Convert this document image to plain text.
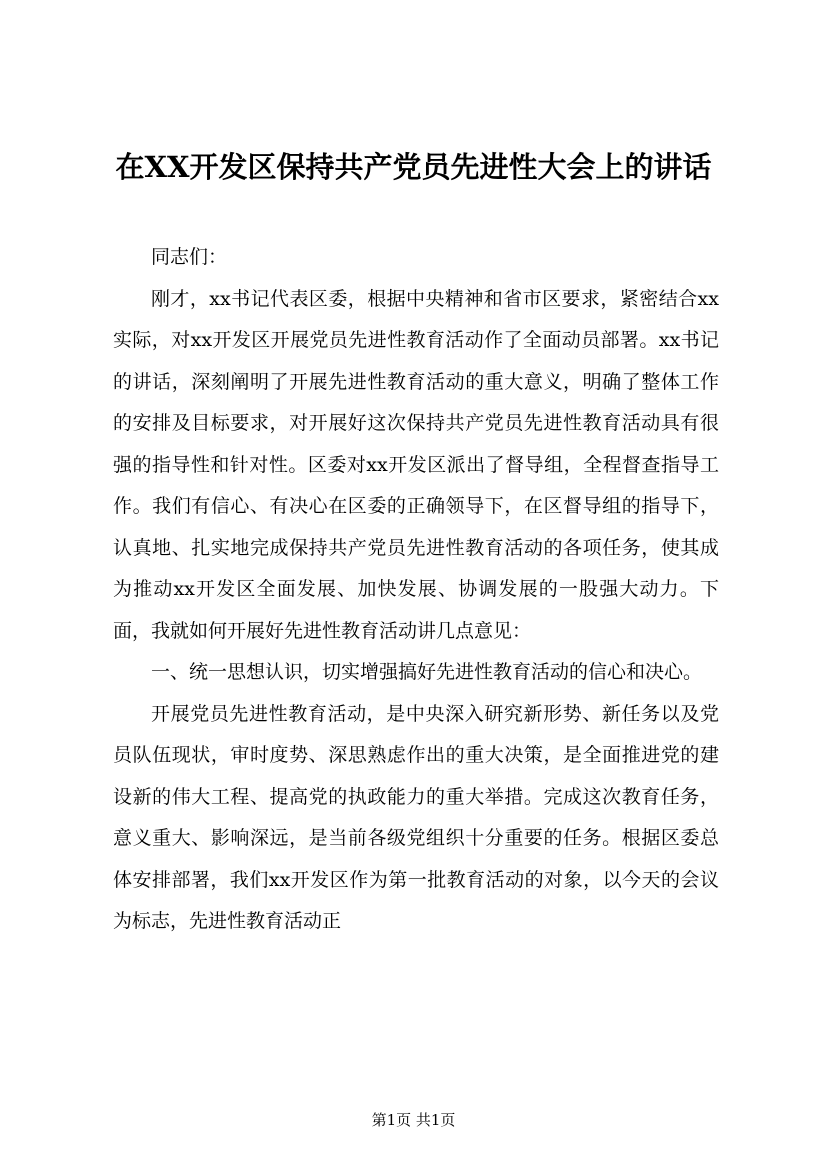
在XX开发区保持共产党员先进性大会上的讲话

同志们：

刚才，xx书记代表区委，根据中央精神和省市区要求，紧密结合xx实际，对xx开发区开展党员先进性教育活动作了全面动员部署。xx书记的讲话，深刻阐明了开展先进性教育活动的重大意义，明确了整体工作的安排及目标要求，对开展好这次保持共产党员先进性教育活动具有很强的指导性和针对性。区委对xx开发区派出了督导组，全程督查指导工作。我们有信心、有决心在区委的正确领导下，在区督导组的指导下，认真地、扎实地完成保持共产党员先进性教育活动的各项任务，使其成为推动xx开发区全面发展、加快发展、协调发展的一股强大动力。下面，我就如何开展好先进性教育活动讲几点意见：

一、统一思想认识，切实增强搞好先进性教育活动的信心和决心。

开展党员先进性教育活动，是中央深入研究新形势、新任务以及党员队伍现状，审时度势、深思熟虑作出的重大决策，是全面推进党的建设新的伟大工程、提高党的执政能力的重大举措。完成这次教育任务，意义重大、影响深远，是当前各级党组织十分重要的任务。根据区委总体安排部署，我们xx开发区作为第一批教育活动的对象，以今天的会议为标志，先进性教育活动正

第1页 共1页
